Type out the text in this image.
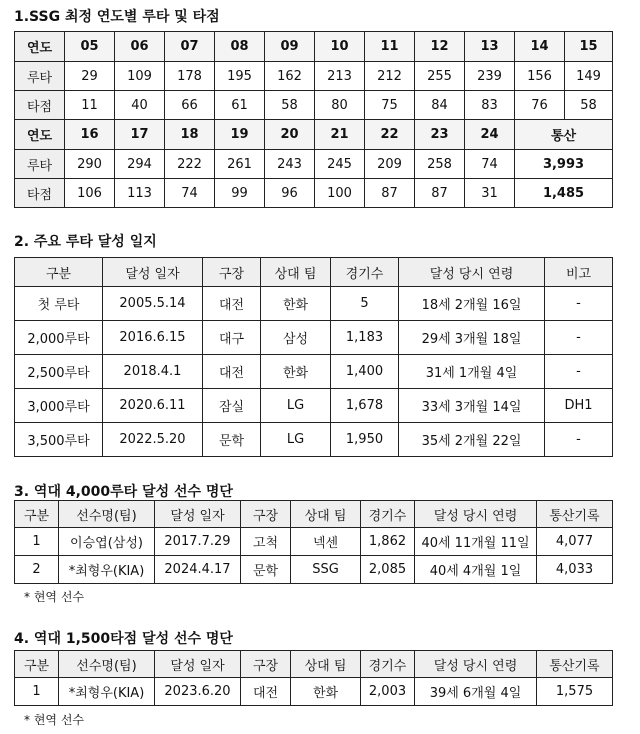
1.SSG 최정 연도별 루타 및 타점
연도	05	06	07	08	09	10	11	12	13	14	15
루타	29	109	178	195	162	213	212	255	239	156	149
타점	11	40	66	61	58	80	75	84	83	76	58
연도	16	17	18	19	20	21	22	23	24	통산	
루타	290	294	222	261	243	245	209	258	74	3,993	
타점	106	113	74	99	96	100	87	87	31	1,485	
2. 주요 루타 달성 일지
구분	달성 일자	구장	상대 팀	경기수	달성 당시 연령	비고
첫 루타	2005.5.14	대전	한화	5	18세 2개월 16일	-
2,000루타	2016.6.15	대구	삼성	1,183	29세 3개월 18일	-
2,500루타	2018.4.1	대전	한화	1,400	31세 1개월 4일	-
3,000루타	2020.6.11	잠실	LG	1,678	33세 3개월 14일	DH1
3,500루타	2022.5.20	문학	LG	1,950	35세 2개월 22일	-
3. 역대 4,000루타 달성 선수 명단
구분	선수명(팀)	달성 일자	구장	상대 팀	경기수	달성 당시 연령	통산기록
1	이승엽(삼성)	2017.7.29	고척	넥센	1,862	40세 11개월 11일	4,077
2	*최형우(KIA)	2024.4.17	문학	SSG	2,085	40세 4개월 1일	4,033
* 현역 선수
4. 역대 1,500타점 달성 선수 명단
구분	선수명(팀)	달성 일자	구장	상대 팀	경기수	달성 당시 연령	통산기록
1	*최형우(KIA)	2023.6.20	대전	한화	2,003	39세 6개월 4일	1,575
* 현역 선수
